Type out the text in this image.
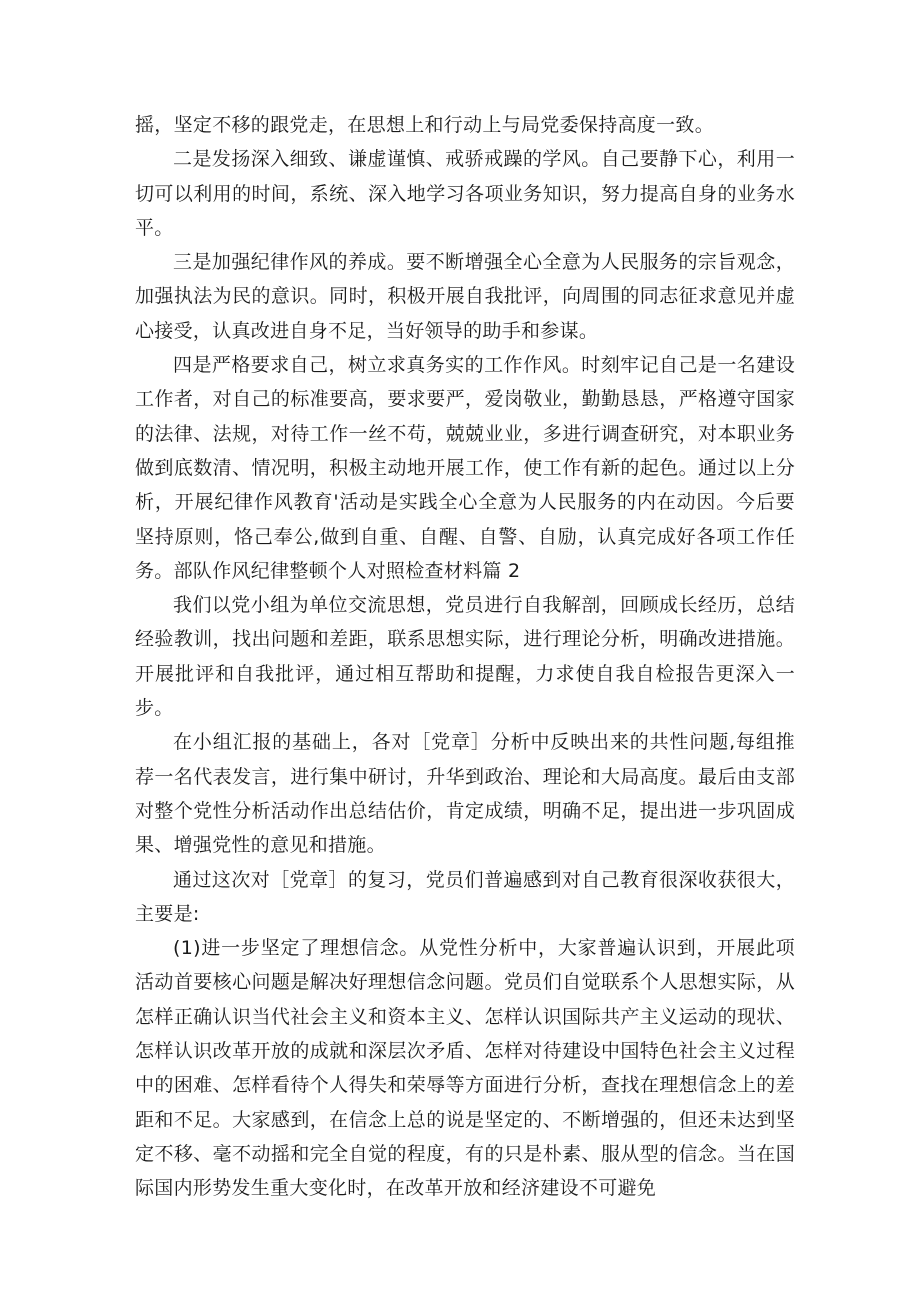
摇，坚定不移的跟党走，在思想上和行动上与局党委保持高度一致。

二是发扬深入细致、谦虚谨慎、戒骄戒躁的学风。自己要静下心，利用一切可以利用的时间，系统、深入地学习各项业务知识，努力提高自身的业务水平。

三是加强纪律作风的养成。要不断增强全心全意为人民服务的宗旨观念，加强执法为民的意识。同时，积极开展自我批评，向周围的同志征求意见并虚心接受，认真改进自身不足，当好领导的助手和参谋。

四是严格要求自己，树立求真务实的工作作风。时刻牢记自己是一名建设工作者，对自己的标准要高，要求要严，爱岗敬业，勤勤恳恳，严格遵守国家的法律、法规，对待工作一丝不苟，兢兢业业，多进行调查研究，对本职业务做到底数清、情况明，积极主动地开展工作，使工作有新的起色。通过以上分析，开展纪律作风教育'活动是实践全心全意为人民服务的内在动因。今后要坚持原则，恪己奉公,做到自重、自醒、自警、自励，认真完成好各项工作任务。部队作风纪律整顿个人对照检查材料篇 2

我们以党小组为单位交流思想，党员进行自我解剖，回顾成长经历，总结经验教训，找出问题和差距，联系思想实际，进行理论分析，明确改进措施。开展批评和自我批评，通过相互帮助和提醒，力求使自我自检报告更深入一步。

在小组汇报的基础上，各对［党章］分析中反映出来的共性问题,每组推荐一名代表发言，进行集中研讨，升华到政治、理论和大局高度。最后由支部对整个党性分析活动作出总结估价，肯定成绩，明确不足，提出进一步巩固成果、增强党性的意见和措施。

通过这次对［党章］的复习，党员们普遍感到对自己教育很深收获很大，主要是:

(1)进一步坚定了理想信念。从党性分析中，大家普遍认识到，开展此项活动首要核心问题是解决好理想信念问题。党员们自觉联系个人思想实际，从怎样正确认识当代社会主义和资本主义、怎样认识国际共产主义运动的现状、怎样认识改革开放的成就和深层次矛盾、怎样对待建设中国特色社会主义过程中的困难、怎样看待个人得失和荣辱等方面进行分析，查找在理想信念上的差距和不足。大家感到，在信念上总的说是坚定的、不断增强的，但还未达到坚定不移、毫不动摇和完全自觉的程度，有的只是朴素、服从型的信念。当在国际国内形势发生重大变化时，在改革开放和经济建设不可避免
